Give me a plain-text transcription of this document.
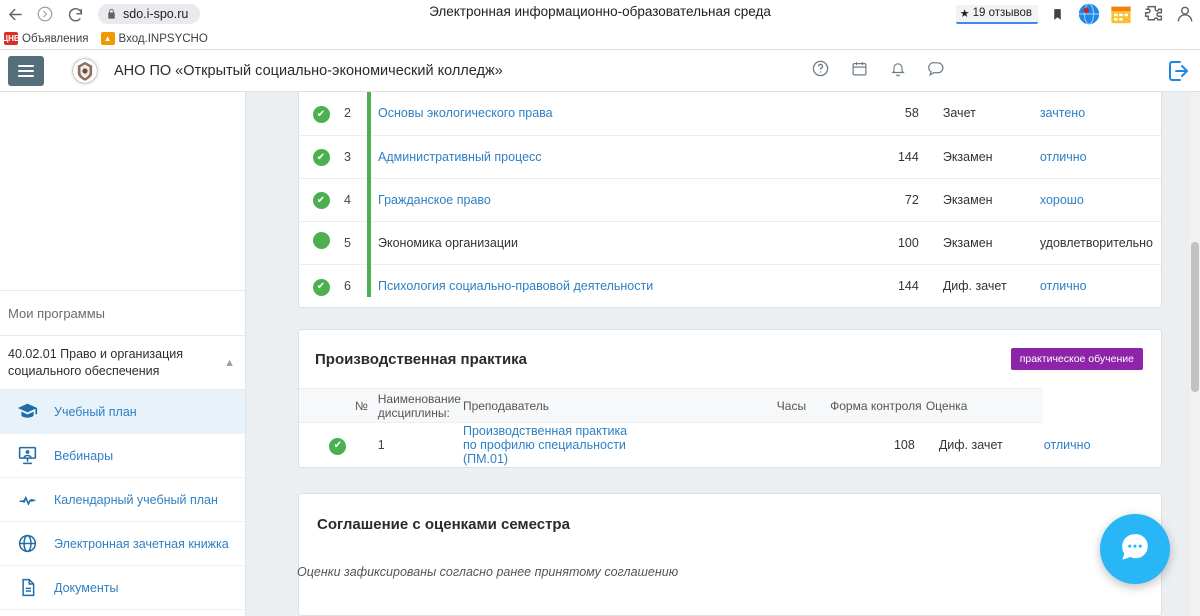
sdo.i-spo.ru	Электронная информационно-образовательная среда	★ 19 отзывов
ЦНБ Объявления	▲ Вход.INPSYCHO
АНО ПО «Открытый социально-экономический колледж»
Мои программы
40.02.01 Право и организация социального обеспечения
▲
Учебный план
Вебинары
Календарный учебный план
Электронная зачетная книжка
Документы
✔	2	Основы экологического права	58	Зачет	зачтено
✔	3	Административный процесс	144	Экзамен	отлично
✔	4	Гражданское право	72	Экзамен	хорошо
	5	Экономика организации	100	Экзамен	удовлетворительно
✔	6	Психология социально-правовой деятельности	144	Диф. зачет	отлично
Производственная практика	практическое обучение
№	Наименование дисциплины:	Преподаватель	Часы	Форма контроля	Оценка	
✔	1	Производственная практика по профилю специальности (ПМ.01)		108	Диф. зачет	отлично
Соглашение с оценками семестра
Оценки зафиксированы согласно ранее принятому соглашению
